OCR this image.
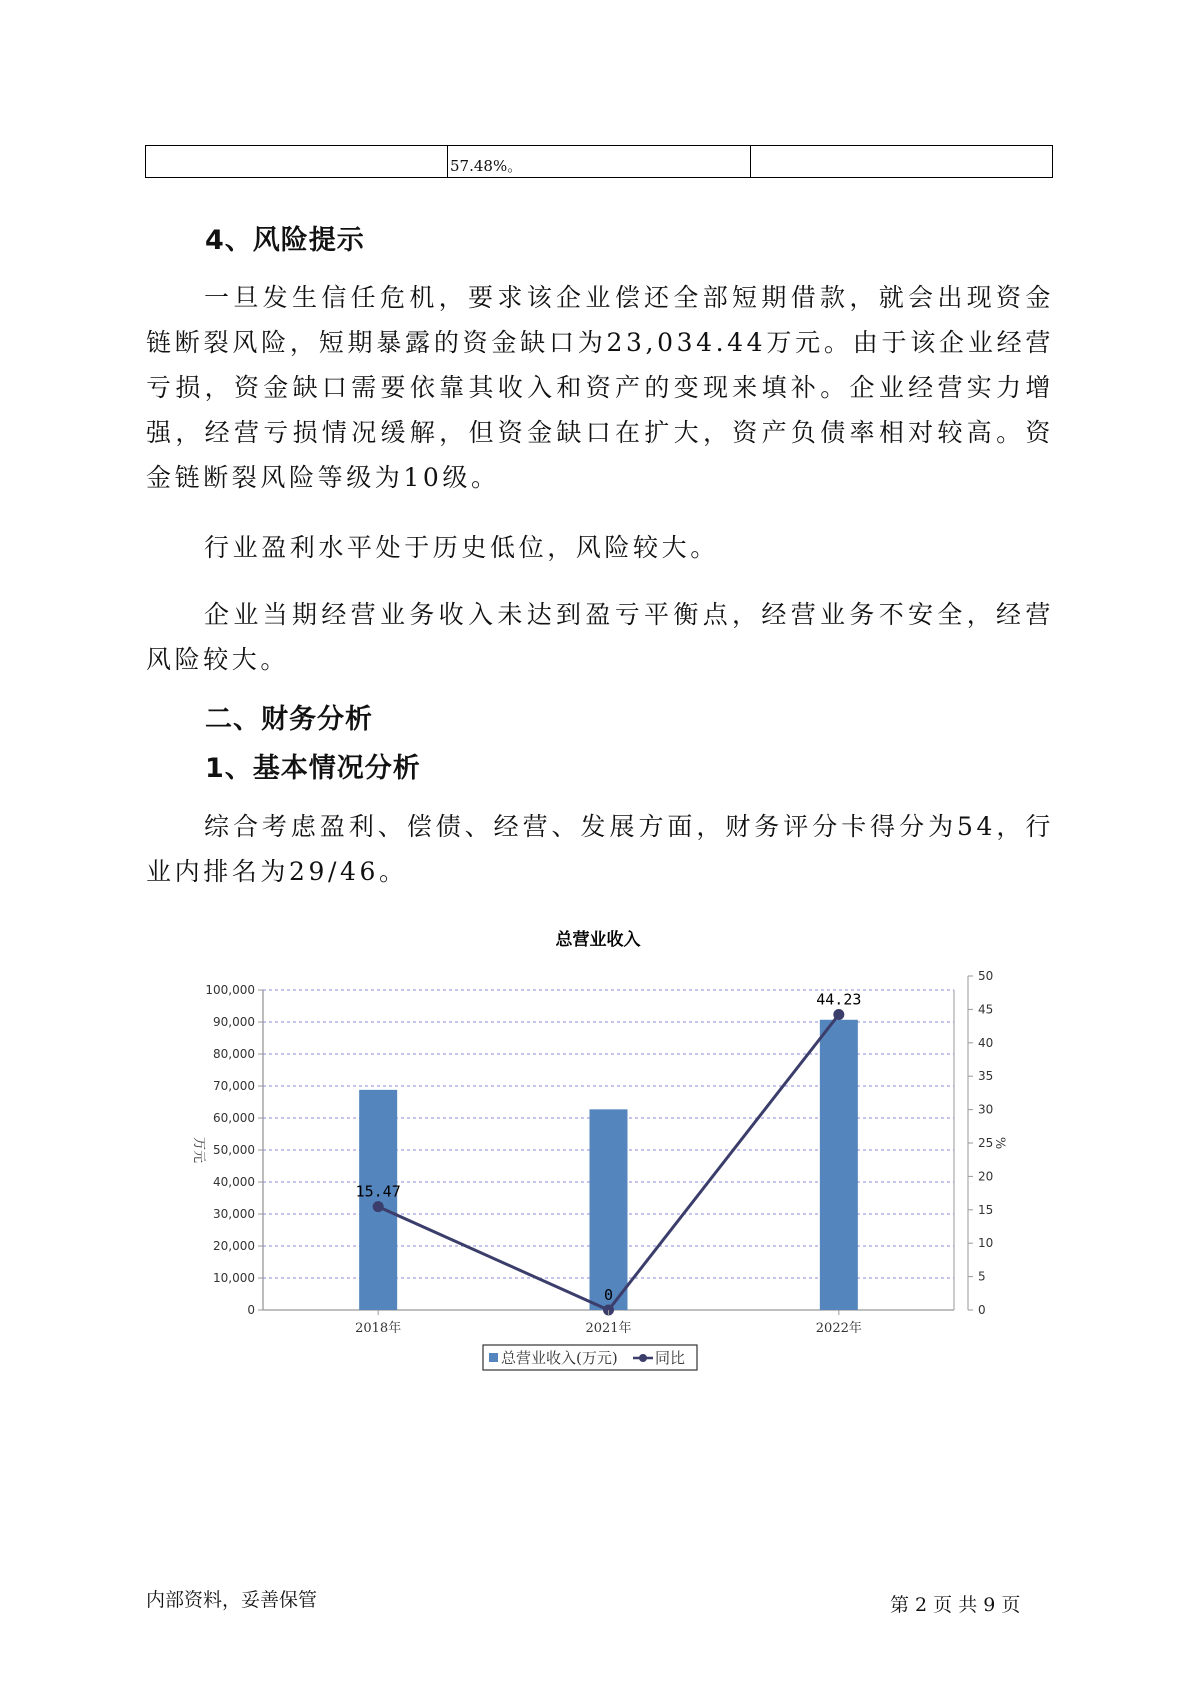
57.48%。
4、风险提示

一旦发生信任危机，要求该企业偿还全部短期借款，就会出现资金链断裂风险，短期暴露的资金缺口为23,034.44万元。由于该企业经营亏损，资金缺口需要依靠其收入和资产的变现来填补。企业经营实力增强，经营亏损情况缓解，但资金缺口在扩大，资产负债率相对较高。资金链断裂风险等级为10级。

行业盈利水平处于历史低位，风险较大。

企业当期经营业务收入未达到盈亏平衡点，经营业务不安全，经营风险较大。

二、财务分析
1、基本情况分析

综合考虑盈利、偿债、经营、发展方面，财务评分卡得分为54，行业内排名为29/46。

总营业收入
0
10,000
20,000
30,000
40,000
50,000
60,000
70,000
80,000
90,000
100,000
0
5
10
15
20
25
30
35
40
45
50
15.47
0
44.23
2018年	2021年	2022年
万元	%
总营业收入(万元) 同比
内部资料，妥善保管	第 2 页 共 9 页
